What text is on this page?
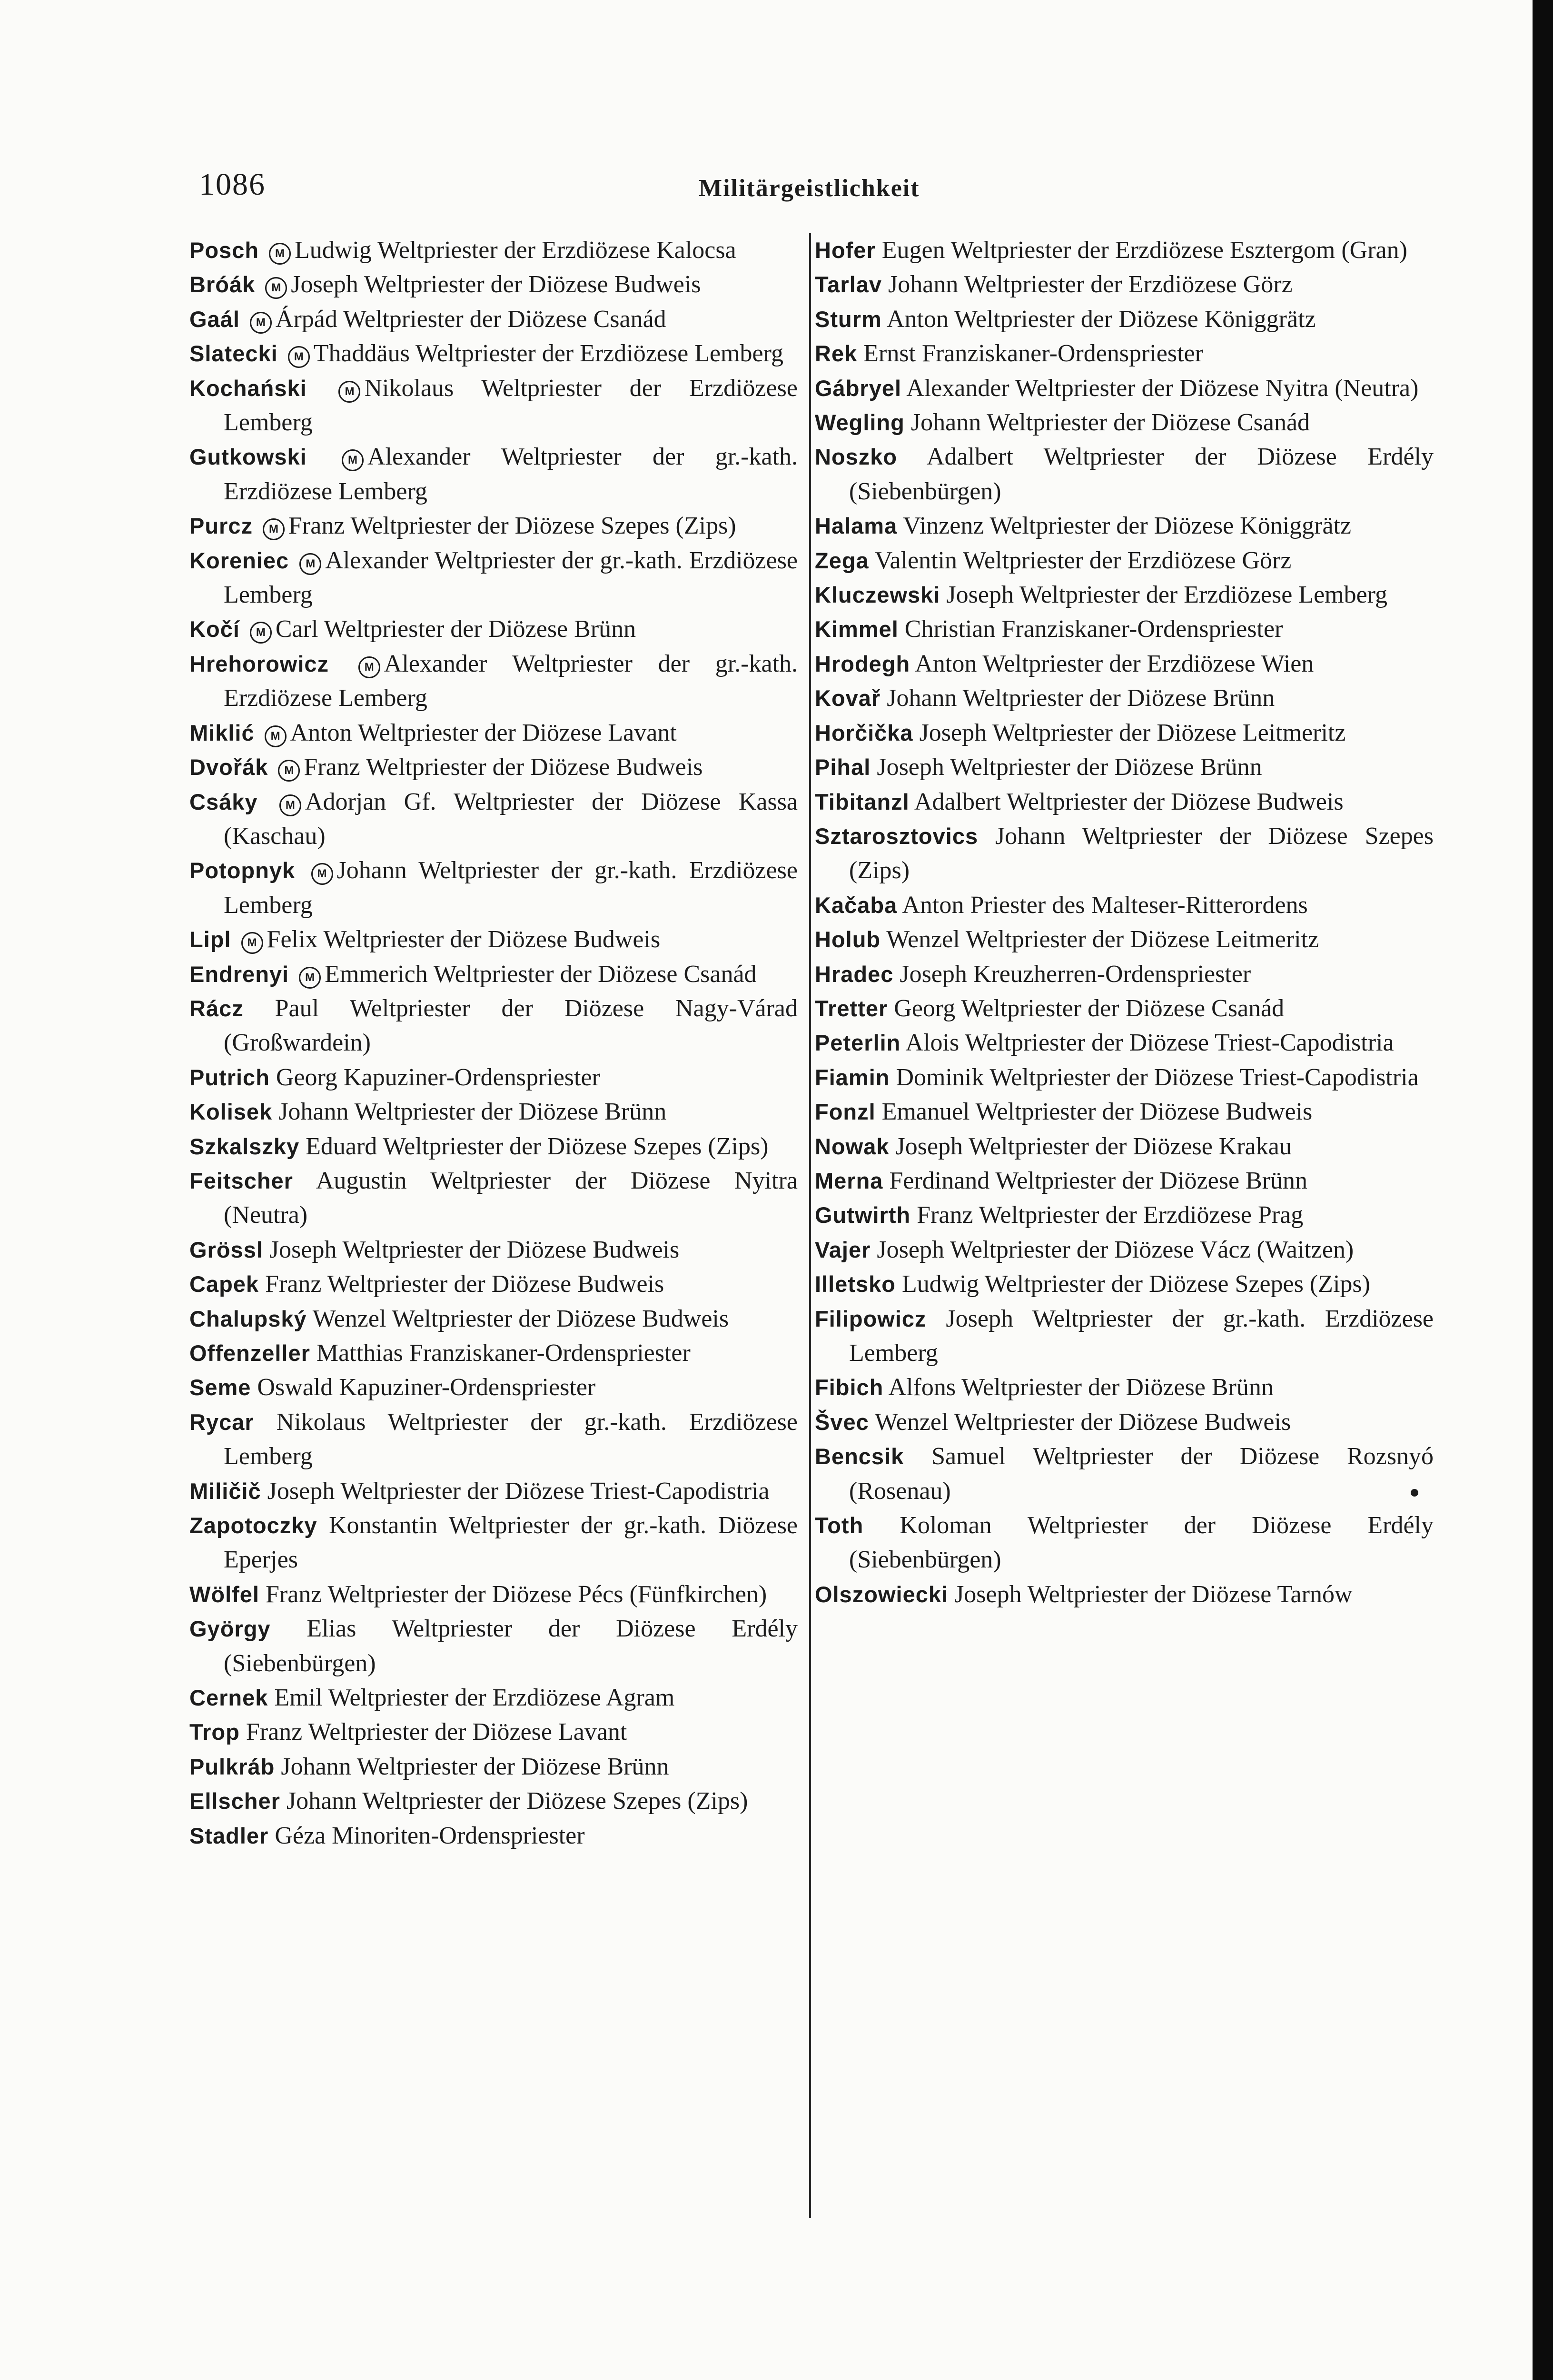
1086	Militärgeistlichkeit
Posch M Ludwig Weltpriester der Erzdiözese Kalocsa
Bróák M Joseph Weltpriester der Diözese Budweis
Gaál M Árpád Weltpriester der Diözese Csanád
Slatecki M Thaddäus Weltpriester der Erzdiözese Lemberg
Kochański	M Nikolaus Weltpriester der Erzdiözese Lemberg
Gutkowski	M Alexander Weltpriester der gr.-kath. Erzdiözese Lemberg
Purcz M Franz Weltpriester der Diözese Szepes (Zips)
Koreniec M Alexander Weltpriester der gr.-kath. Erzdiözese Lemberg
Kočí M Carl Weltpriester der Diözese Brünn
Hrehorowicz	M Alexander Weltpriester der gr.-kath. Erzdiözese Lemberg
Miklić M Anton Weltpriester der Diözese Lavant
Dvořák M Franz Weltpriester der Diözese Budweis
Csáky M Adorjan Gf. Weltpriester der Diözese Kassa (Kaschau)
Potopnyk M Johann Weltpriester der gr.-kath. Erzdiözese Lemberg
Lipl M Felix Weltpriester der Diözese Budweis
Endrenyi M Emmerich Weltpriester der Diözese Csanád
Rácz Paul Weltpriester der Diözese Nagy-Várad (Großwardein)
Putrich Georg Kapuziner-Ordenspriester
Kolisek Johann Weltpriester der Diözese Brünn
Szkalszky Eduard Weltpriester der Diözese Szepes (Zips)
Feitscher Augustin Weltpriester der Diözese Nyitra (Neutra)
Grössl Joseph Weltpriester der Diözese Budweis
Capek Franz Weltpriester der Diözese Budweis
Chalupský Wenzel Weltpriester der Diözese Budweis
Offenzeller Matthias Franziskaner-Ordenspriester
Seme Oswald Kapuziner-Ordenspriester
Rycar Nikolaus Weltpriester der gr.-kath. Erzdiözese Lemberg
Miličič Joseph Weltpriester der Diözese Triest-Capodistria
Zapotoczky Konstantin Weltpriester der gr.-kath. Diözese Eperjes
Wölfel Franz Weltpriester der Diözese Pécs (Fünfkirchen)
György Elias Weltpriester der Diözese Erdély (Siebenbürgen)
Cernek Emil Weltpriester der Erzdiözese Agram
Trop Franz Weltpriester der Diözese Lavant
Pulkráb Johann Weltpriester der Diözese Brünn
Ellscher Johann Weltpriester der Diözese Szepes (Zips)
Stadler Géza Minoriten-Ordenspriester
Hofer Eugen Weltpriester der Erzdiözese Esztergom (Gran)
Tarlav Johann Weltpriester der Erzdiözese Görz
Sturm Anton Weltpriester der Diözese Königgrätz
Rek Ernst Franziskaner-Ordenspriester
Gábryel Alexander Weltpriester der Diözese Nyitra (Neutra)
Wegling Johann Weltpriester der Diözese Csanád
Noszko Adalbert Weltpriester der Diözese Erdély (Siebenbürgen)
Halama Vinzenz Weltpriester der Diözese Königgrätz
Zega Valentin Weltpriester der Erzdiözese Görz
Kluczewski Joseph Weltpriester der Erzdiözese Lemberg
Kimmel Christian Franziskaner-Ordenspriester
Hrodegh Anton Weltpriester der Erzdiözese Wien
Kovař Johann Weltpriester der Diözese Brünn
Horčička Joseph Weltpriester der Diözese Leitmeritz
Pihal Joseph Weltpriester der Diözese Brünn
Tibitanzl Adalbert Weltpriester der Diözese Budweis
Sztarosztovics Johann Weltpriester der Diözese Szepes (Zips)
Kačaba Anton Priester des Malteser-Ritterordens
Holub Wenzel Weltpriester der Diözese Leitmeritz
Hradec Joseph Kreuzherren-Ordenspriester
Tretter Georg Weltpriester der Diözese Csanád
Peterlin Alois Weltpriester der Diözese Triest-Capodistria
Fiamin Dominik Weltpriester der Diözese Triest-Capodistria
Fonzl Emanuel Weltpriester der Diözese Budweis
Nowak Joseph Weltpriester der Diözese Krakau
Merna Ferdinand Weltpriester der Diözese Brünn
Gutwirth Franz Weltpriester der Erzdiözese Prag
Vajer Joseph Weltpriester der Diözese Vácz (Waitzen)
Illetsko Ludwig Weltpriester der Diözese Szepes (Zips)
Filipowicz Joseph Weltpriester der gr.-kath. Erzdiözese Lemberg
Fibich Alfons Weltpriester der Diözese Brünn
Švec Wenzel Weltpriester der Diözese Budweis
Bencsik Samuel Weltpriester der Diözese Rozsnyó (Rosenau)
Toth Koloman Weltpriester der Diözese Erdély (Siebenbürgen)
Olszowiecki Joseph Weltpriester der Diözese Tarnów
